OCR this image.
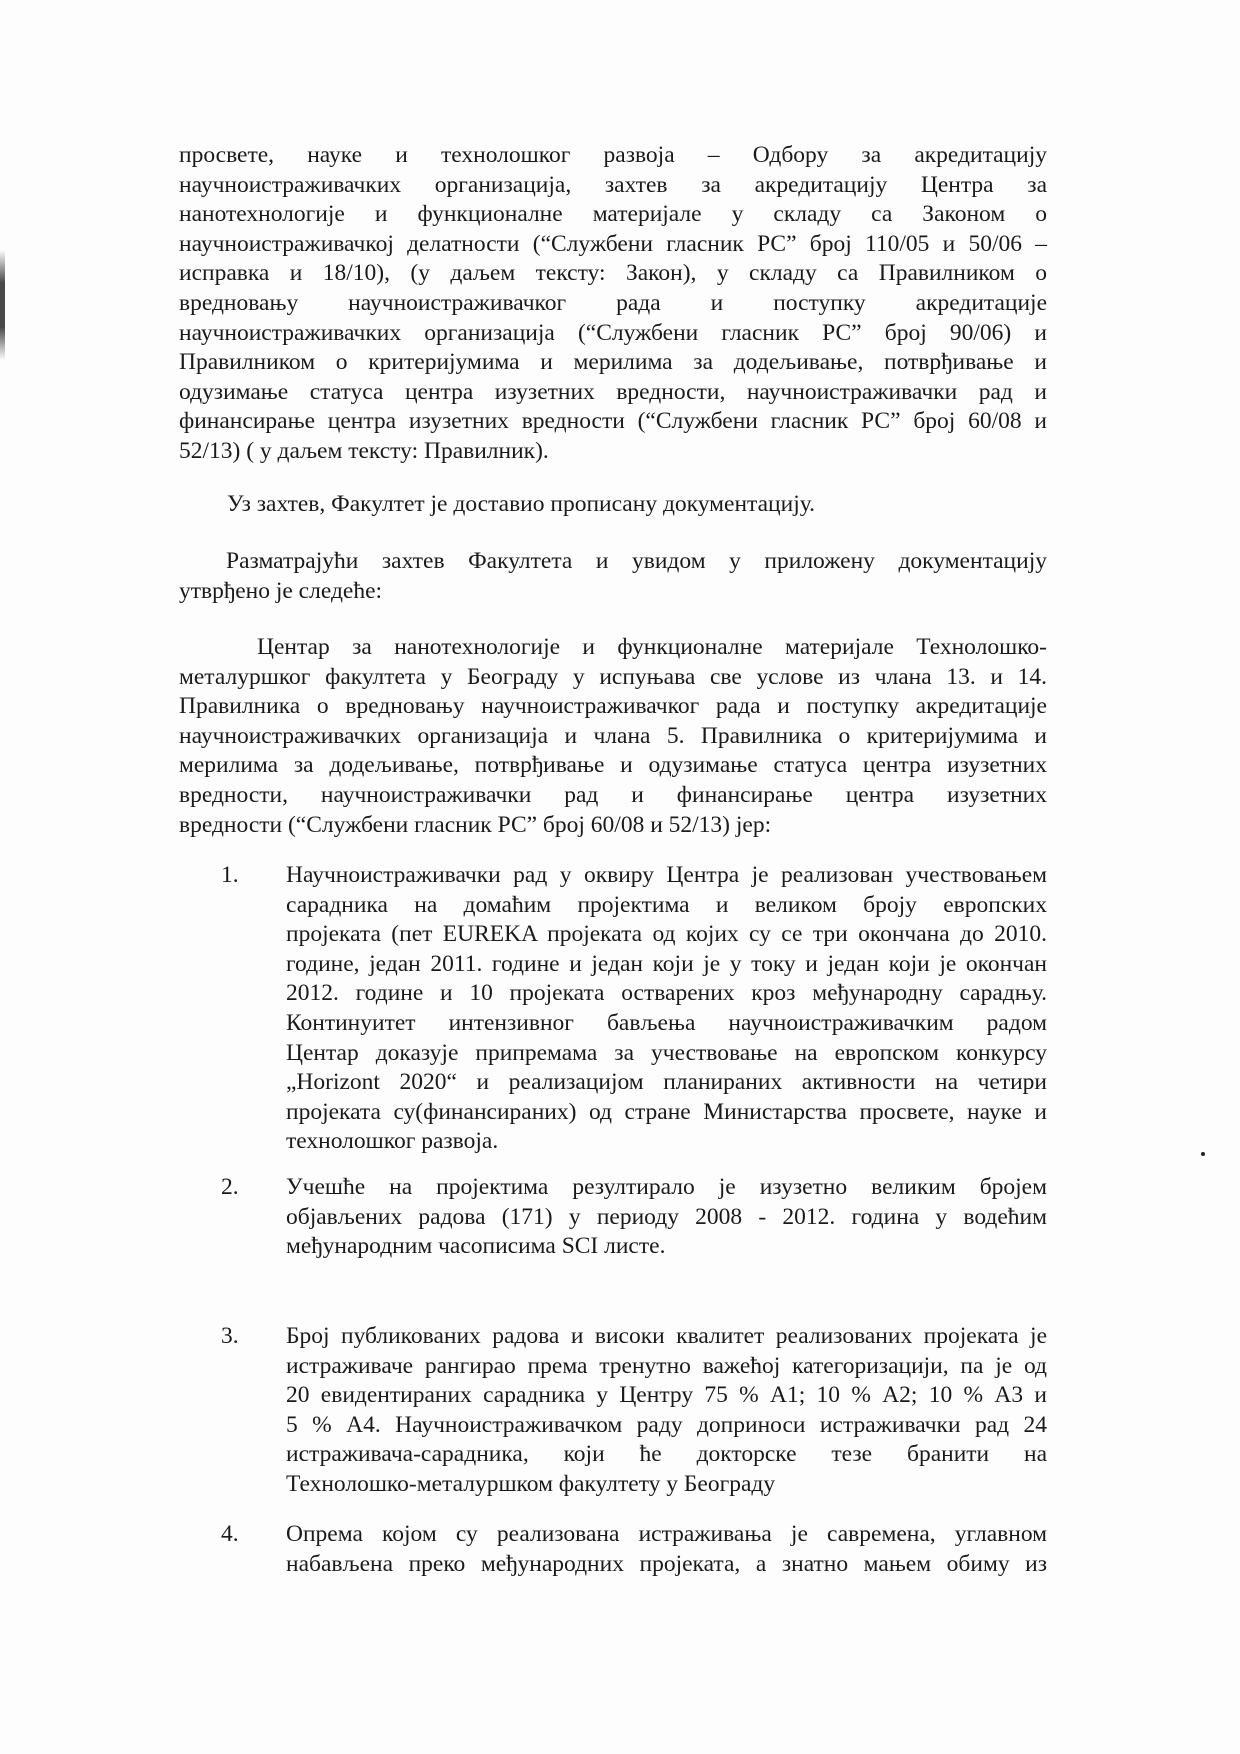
просвете, науке и технолошког развоја – Одбору за акредитацију
научноистраживачких организација, захтев за акредитацију Центра за
нанотехнологије и функционалне материјале у складу са Законом о
научноистраживачкој делатности (“Службени гласник РС” број 110/05 и 50/06 –
исправка и 18/10), (у даљем тексту: Закон), у складу са Правилником о
вредновању научноистраживачког рада и поступку акредитације
научноистраживачких организација (“Службени гласник РС” број 90/06) и
Правилником о критеријумима и мерилима за додељивање, потврђивање и
одузимање статуса центра изузетних вредности, научноистраживачки рад и
финансирање центра изузетних вредности (“Службени гласник РС” број 60/08 и
52/13) ( у даљем тексту: Правилник).
Уз захтев, Факултет је доставио прописану документацију.
Разматрајући захтев Факултета и увидом у приложену документацију
утврђено је следеће:
Центар за нанотехнологије и функционалне материјале Технолошко-
металуршког факултета у Београду у испуњава све услове из члана 13. и 14.
Правилника о вредновању научноистраживачког рада и поступку акредитације
научноистраживачких организација и члана 5. Правилника о критеријумима и
мерилима за додељивање, потврђивање и одузимање статуса центра изузетних
вредности, научноистраживачки рад и финансирање центра изузетних
вредности (“Службени гласник РС” број 60/08 и 52/13) јер:
1. Научноистраживачки рад у оквиру Центра је реализован учествовањем
сарадника на домаћим пројектима и великом броју европских
пројеката (пет EUREKA пројеката од којих су се три окончана до 2010.
године, један 2011. године и један који је у току и један који је окончан
2012. године и 10 пројеката остварених кроз међународну сарадњу.
Континуитет интензивног бављења научноистраживачким радом
Центар доказује припремама за учествовање на европском конкурсу
„Horizont 2020“ и реализацијом планираних активности на четири
пројеката су(финансираних) од стране Министарства просвете, науке и
технолошког развоја.
2. Учешће на пројектима резултирало је изузетно великим бројем
објављених радова (171) у периоду 2008 - 2012. година у водећим
међународним часописима SCI листе.
3. Број публикованих радова и високи квалитет реализованих пројеката је
истраживаче рангирао према тренутно важећој категоризацији, па је од
20 евидентираних сарадника у Центру 75 % А1; 10 % А2; 10 % А3 и
5 % А4. Научноистраживачком раду доприноси истраживачки рад 24
истраживача-сарадника, који ће докторске тезе бранити на
Технолошко-металуршком факултету у Београду
4. Опрема којом су реализована истраживања је савремена, углавном
набављена преко међународних пројеката, а знатно мањем обиму из
